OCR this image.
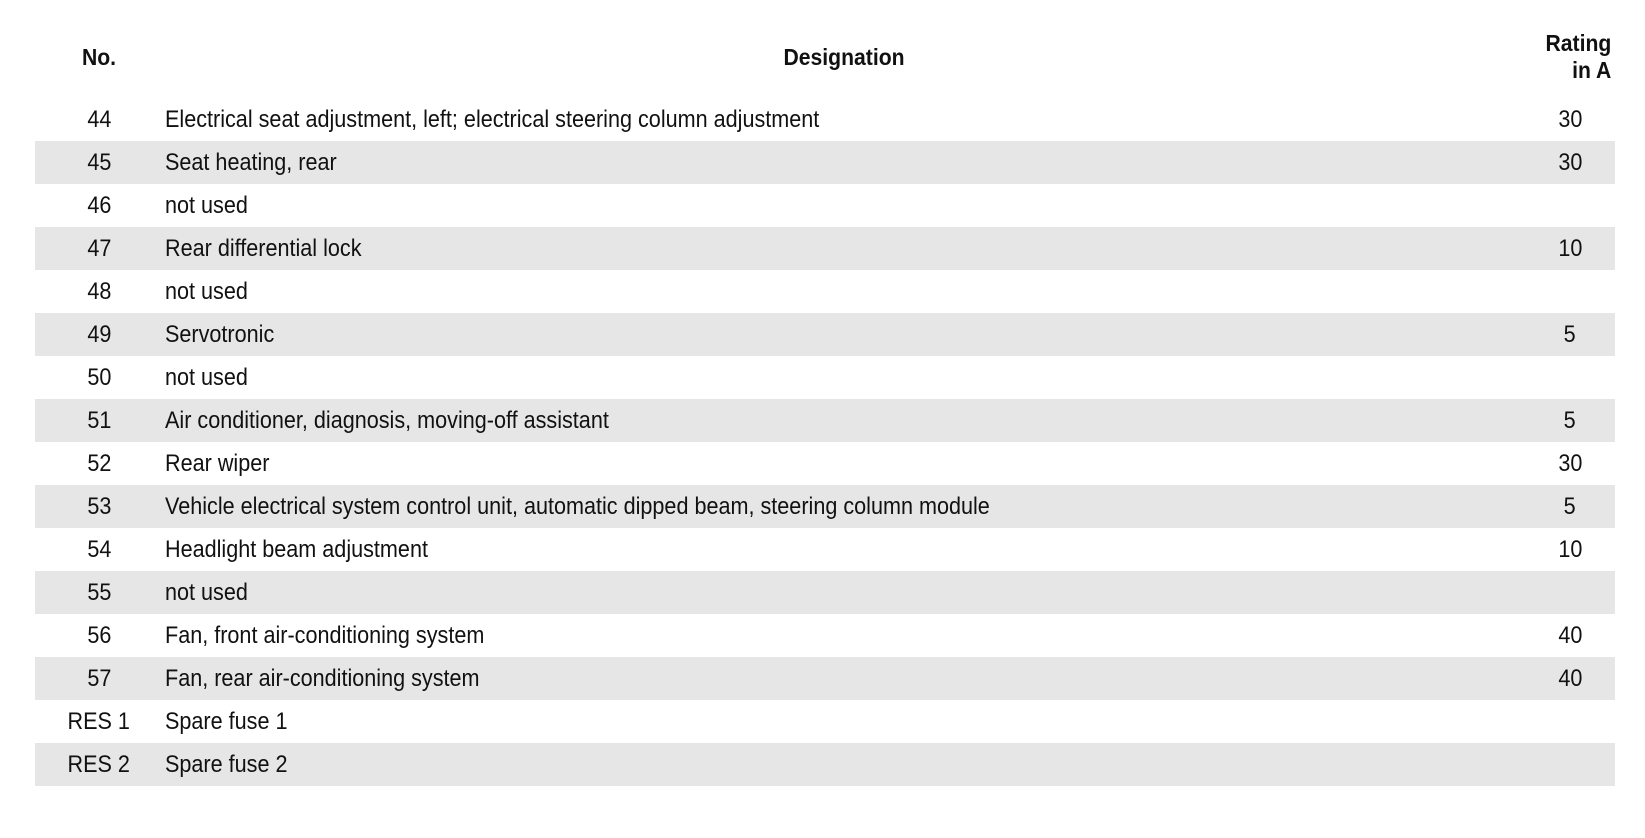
No.	Designation	Rating in A

44	Electrical seat adjustment, left; electrical steering column adjustment	30
45	Seat heating, rear	30
46	not used	
47	Rear differential lock	10
48	not used	
49	Servotronic	5
50	not used	
51	Air conditioner, diagnosis, moving-off assistant	5
52	Rear wiper	30
53	Vehicle electrical system control unit, automatic dipped beam, steering column module	5
54	Headlight beam adjustment	10
55	not used	
56	Fan, front air-conditioning system	40
57	Fan, rear air-conditioning system	40
RES 1	Spare fuse 1	
RES 2	Spare fuse 2	
